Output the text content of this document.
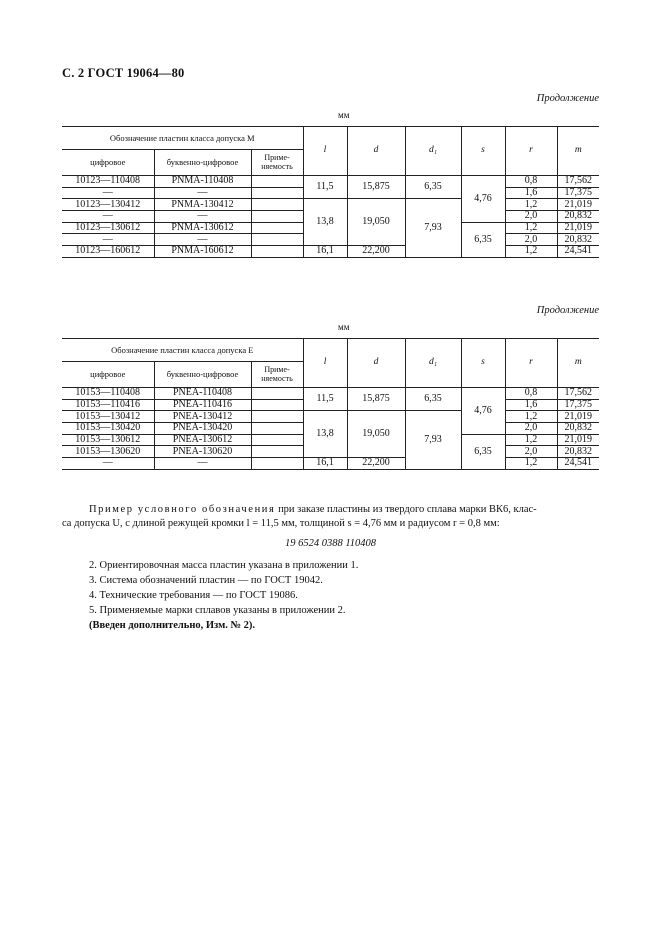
С. 2 ГОСТ 19064—80
Продолжение
мм
Обозначение пластин класса допуска М			l	d	d₁	s	r	m
цифровое	буквенно-цифровое	Приме-
няемость						
10123—110408	PNMA-110408		11,5	15,875	6,35	4,76	0,8	17,562
—	—						1,6	17,375
10123—130412	PNMA-130412		13,8	19,050	7,93		1,2	21,019
—	—						2,0	20,832
10123—130612	PNMA-130612					6,35	1,2	21,019
—	—						2,0	20,832
10123—160612	PNMA-160612		16,1	22,200			1,2	24,541
Продолжение
мм
Обозначение пластин класса допуска Е			l	d	d₁	s	r	m
цифровое	буквенно-цифровое	Приме-
няемость						
10153—110408	PNEA-110408		11,5	15,875	6,35	4,76	0,8	17,562
10153—110416	PNEA-110416						1,6	17,375
10153—130412	PNEA-130412		13,8	19,050	7,93		1,2	21,019
10153—130420	PNEA-130420						2,0	20,832
10153—130612	PNEA-130612					6,35	1,2	21,019
10153—130620	PNEA-130620						2,0	20,832
—	—		16,1	22,200			1,2	24,541
Пример условного обозначения при заказе пластины из твердого сплава марки ВК6, клас-
са допуска U, с длиной режущей кромки l = 11,5 мм, толщиной s = 4,76 мм и радиусом r = 0,8 мм:
19 6524 0388 110408
2. Ориентировочная масса пластин указана в приложении 1.
3. Система обозначений пластин — по ГОСТ 19042.
4. Технические требования — по ГОСТ 19086.
5. Применяемые марки сплавов указаны в приложении 2.
(Введен дополнительно, Изм. № 2).
